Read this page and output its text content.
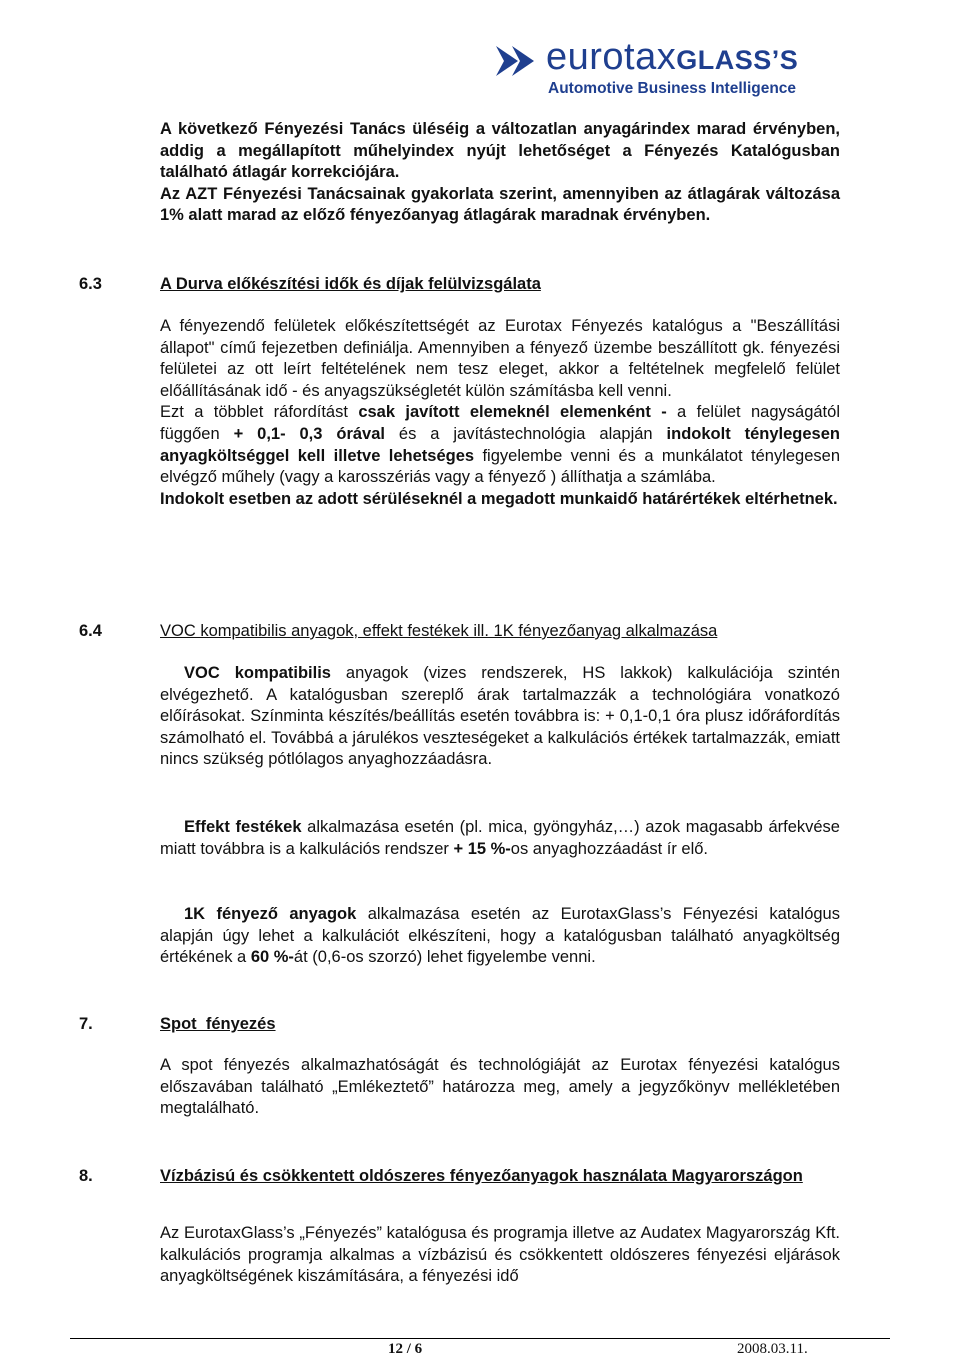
eurotaxGLASS’S
Automotive Business Intelligence

A következő Fényezési Tanács üléséig a változatlan anyagárindex marad érvényben, addig a megállapított műhelyindex nyújt lehetőséget a Fényezés Katalógusban található átlagár korrekciójára.

Az AZT Fényezési Tanácsainak gyakorlata szerint, amennyiben az átlagárak változása 1% alatt marad az előző fényezőanyag átlagárak maradnak érvényben.

6.3	A Durva előkészítési idők és díjak felülvizsgálata

A fényezendő felületek előkészítettségét az Eurotax Fényezés katalógus a "Beszállítási állapot" című fejezetben definiálja. Amennyiben a fényező üzembe beszállított gk. fényezési felületei az ott leírt feltételének nem tesz eleget, akkor a feltételnek megfelelő felület előállításának idő - és anyagszükségletét külön számításba kell venni.

Ezt a többlet ráfordítást csak javított elemeknél elemenként - a felület nagyságától függően + 0,1- 0,3 órával és a javítástechnológia alapján indokolt ténylegesen anyagköltséggel kell illetve lehetséges figyelembe venni és a munkálatot ténylegesen elvégző műhely (vagy a karosszériás vagy a fényező ) állíthatja a számlába.

Indokolt esetben az adott sérüléseknél a megadott munkaidő határértékek eltérhetnek.

6.4	VOC kompatibilis anyagok, effekt festékek ill. 1K fényezőanyag alkalmazása

VOC kompatibilis anyagok (vizes rendszerek, HS lakkok) kalkulációja szintén elvégezhető. A katalógusban szereplő árak tartalmazzák a technológiára vonatkozó előírásokat. Színminta készítés/beállítás esetén továbbra is: + 0,1-0,1 óra plusz időráfordítás számolható el. Továbbá a járulékos veszteségeket a kalkulációs értékek tartalmazzák, emiatt nincs szükség pótlólagos anyaghozzáadásra.

Effekt festékek alkalmazása esetén (pl. mica, gyöngyház,…) azok magasabb árfekvése miatt továbbra is a kalkulációs rendszer + 15 %-os anyaghozzáadást ír elő.

1K fényező anyagok alkalmazása esetén az EurotaxGlass’s Fényezési katalógus alapján úgy lehet a kalkulációt elkészíteni, hogy a katalógusban található anyagköltség értékének a 60 %-át (0,6-os szorzó) lehet figyelembe venni.

7.	Spot  fényezés

A spot fényezés alkalmazhatóságát és technológiáját az Eurotax fényezési katalógus előszavában található „Emlékeztető” határozza meg, amely a jegyzőkönyv mellékletében megtalálható.

8.	Vízbázisú és csökkentett oldószeres fényezőanyagok használata Magyarországon

Az EurotaxGlass’s „Fényezés” katalógusa és programja illetve az Audatex Magyarország Kft. kalkulációs programja alkalmas a vízbázisú és csökkentett oldószeres fényezési eljárások anyagköltségének kiszámítására, a fényezési idő

12 / 6	2008.03.11.
